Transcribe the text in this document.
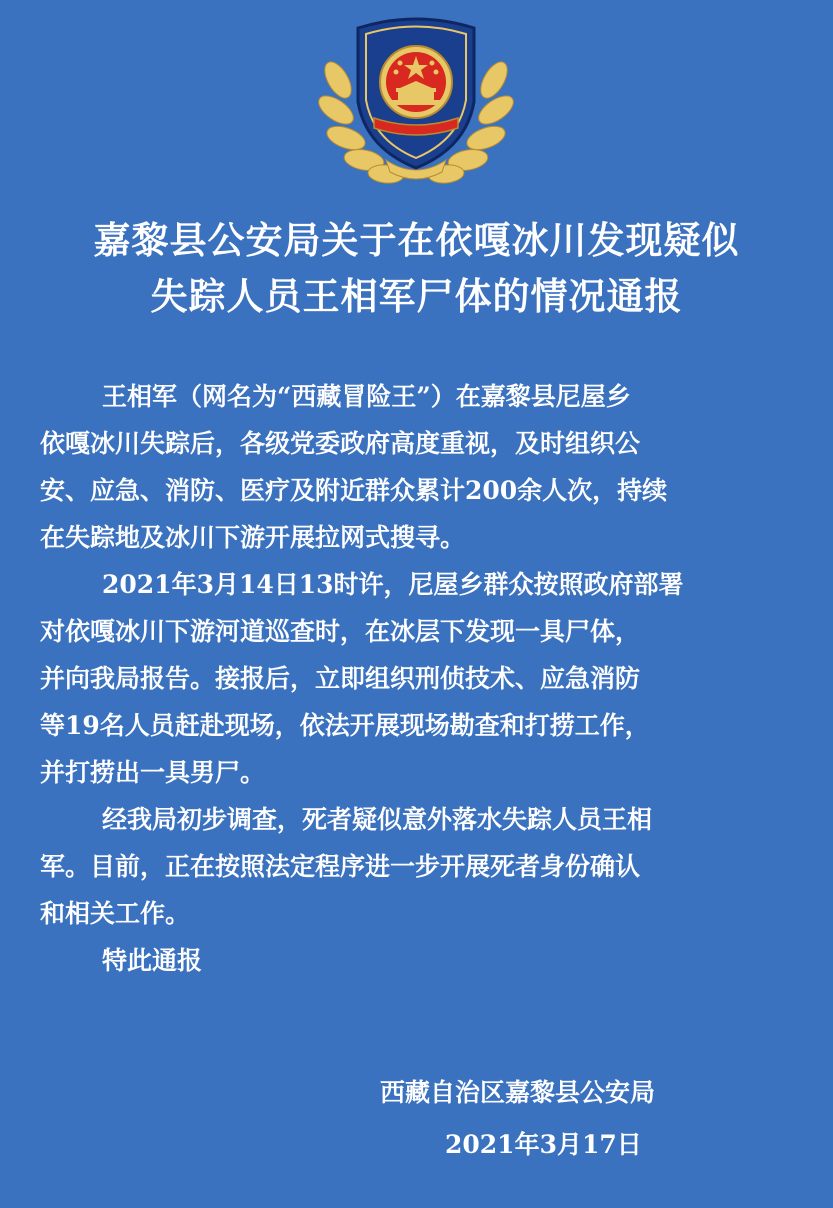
嘉黎县公安局关于在依嘎冰川发现疑似
失踪人员王相军尸体的情况通报
王相军（网名为“西藏冒险王”）在嘉黎县尼屋乡
依嘎冰川失踪后，各级党委政府高度重视，及时组织公
安、应急、消防、医疗及附近群众累计200余人次，持续
在失踪地及冰川下游开展拉网式搜寻。
2021年3月14日13时许，尼屋乡群众按照政府部署
对依嘎冰川下游河道巡查时，在冰层下发现一具尸体，
并向我局报告。接报后，立即组织刑侦技术、应急消防
等19名人员赶赴现场，依法开展现场勘查和打捞工作，
并打捞出一具男尸。
经我局初步调查，死者疑似意外落水失踪人员王相
军。目前，正在按照法定程序进一步开展死者身份确认
和相关工作。
特此通报
西藏自治区嘉黎县公安局
2021年3月17日
